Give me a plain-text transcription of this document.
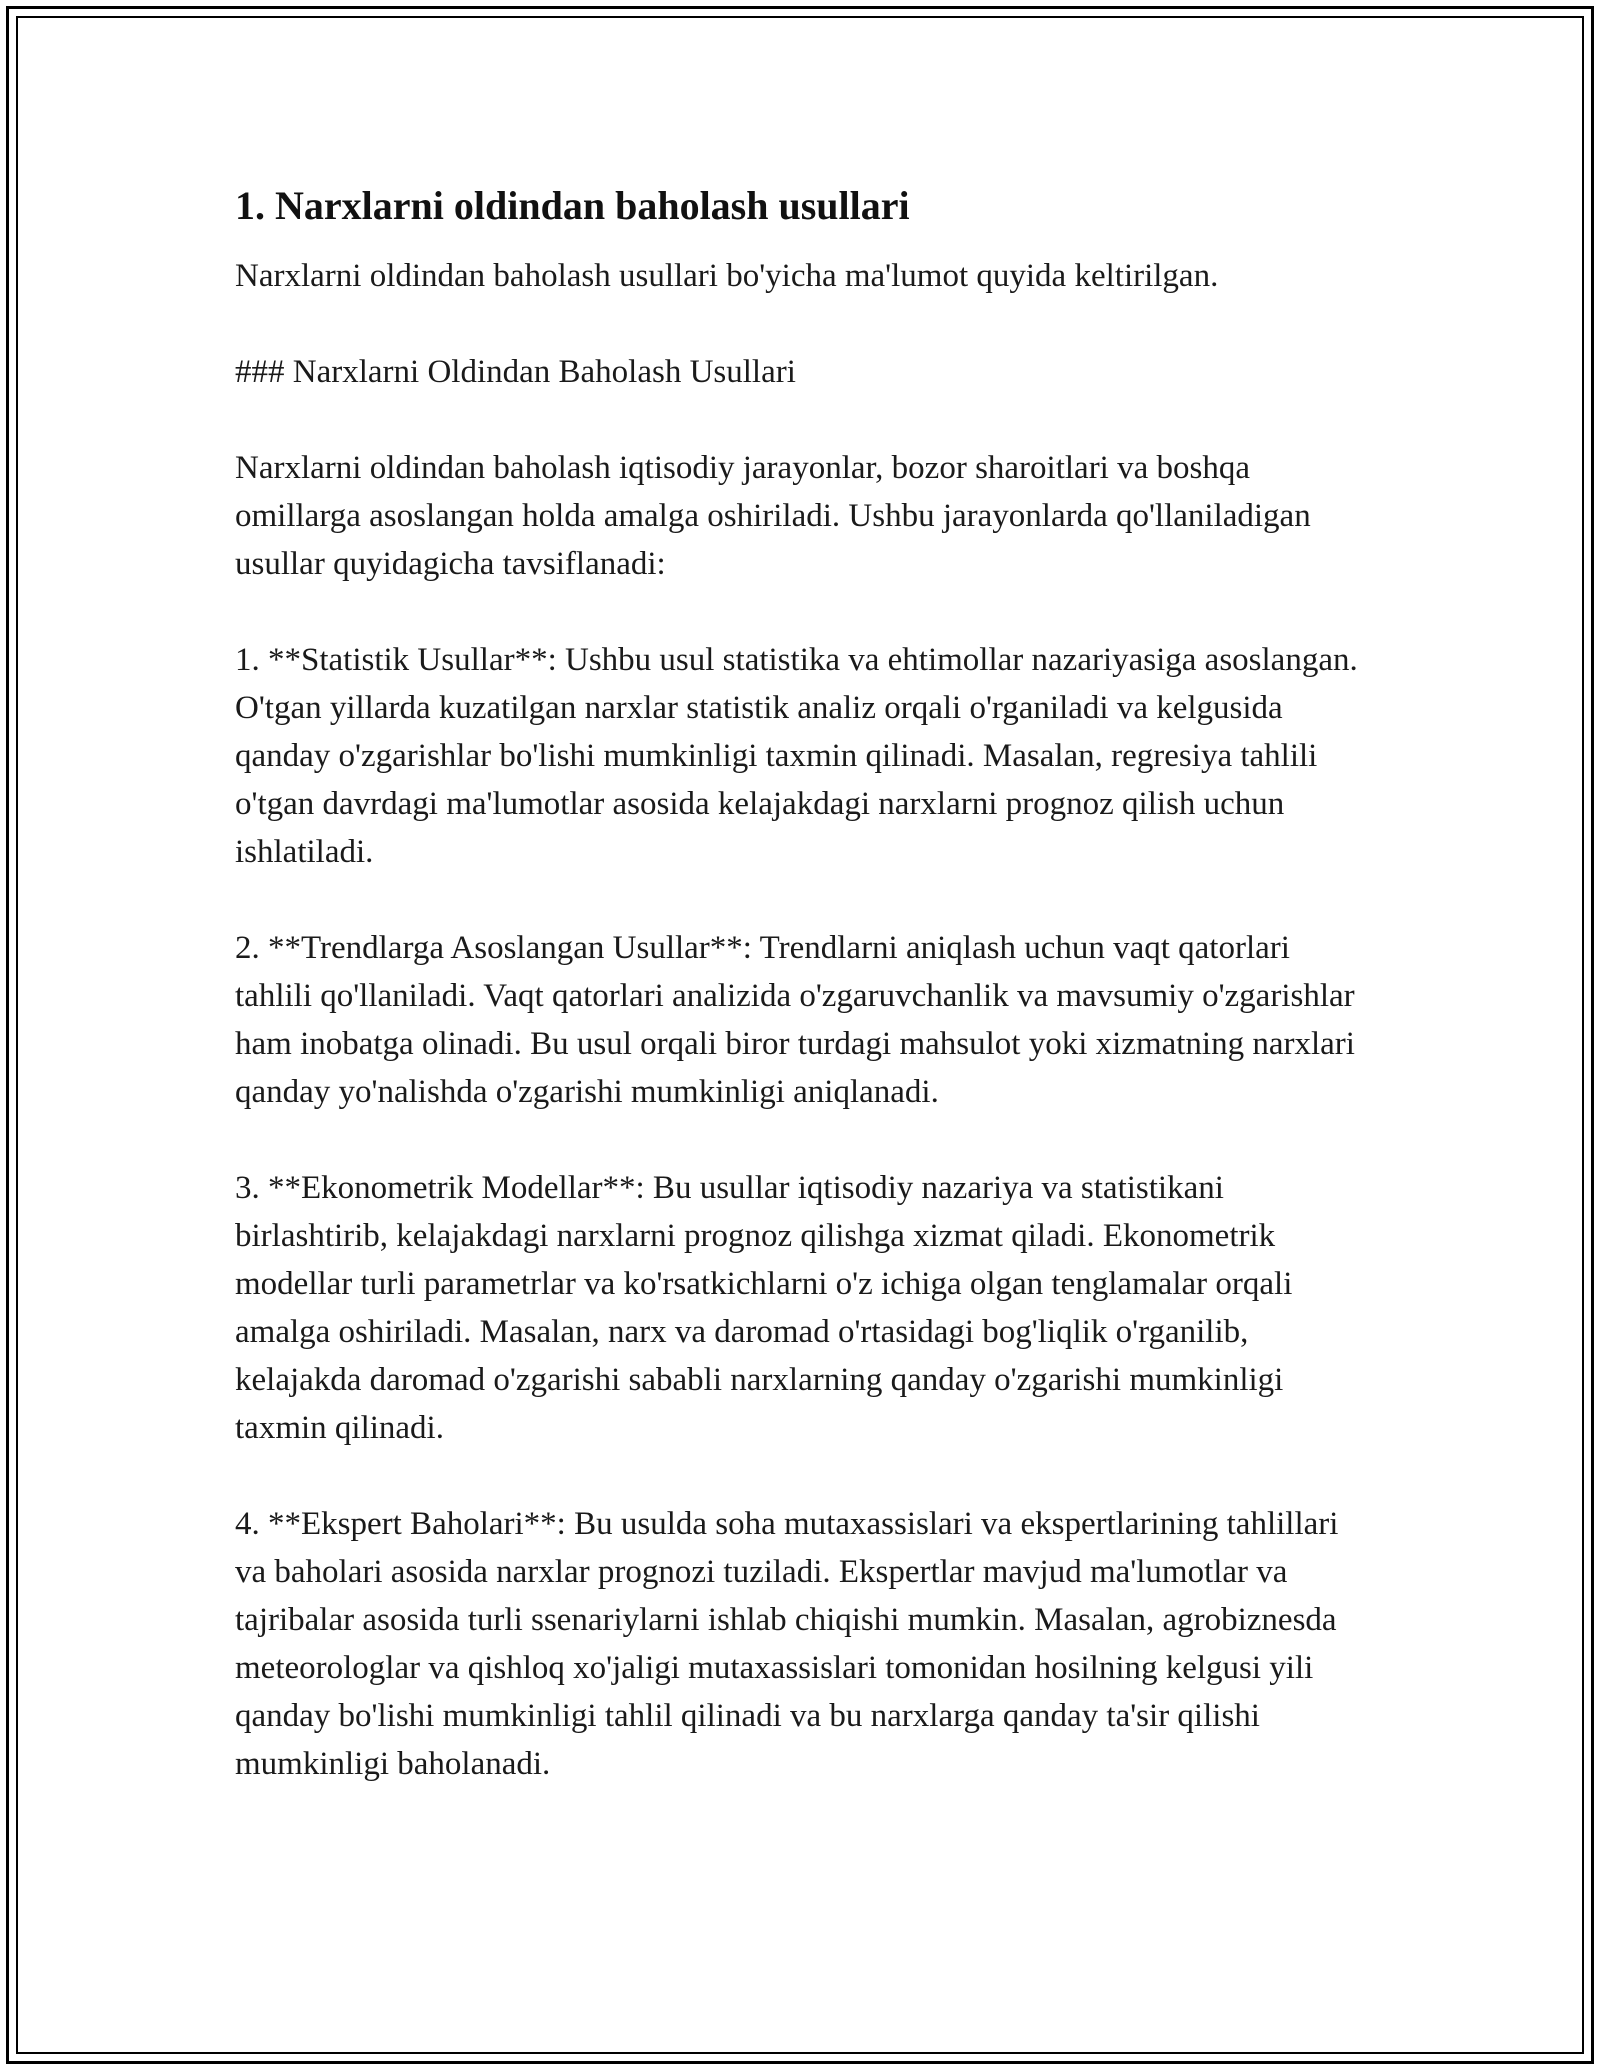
1. Narxlarni oldindan baholash usullari

Narxlarni oldindan baholash usullari bo'yicha ma'lumot quyida keltirilgan.

### Narxlarni Oldindan Baholash Usullari

Narxlarni oldindan baholash iqtisodiy jarayonlar, bozor sharoitlari va boshqa omillarga asoslangan holda amalga oshiriladi. Ushbu jarayonlarda qo'llaniladigan usullar quyidagicha tavsiflanadi:

1. **Statistik Usullar**: Ushbu usul statistika va ehtimollar nazariyasiga asoslangan. O'tgan yillarda kuzatilgan narxlar statistik analiz orqali o'rganiladi va kelgusida qanday o'zgarishlar bo'lishi mumkinligi taxmin qilinadi. Masalan, regresiya tahlili o'tgan davrdagi ma'lumotlar asosida kelajakdagi narxlarni prognoz qilish uchun ishlatiladi.

2. **Trendlarga Asoslangan Usullar**: Trendlarni aniqlash uchun vaqt qatorlari tahlili qo'llaniladi. Vaqt qatorlari analizida o'zgaruvchanlik va mavsumiy o'zgarishlar ham inobatga olinadi. Bu usul orqali biror turdagi mahsulot yoki xizmatning narxlari qanday yo'nalishda o'zgarishi mumkinligi aniqlanadi.

3. **Ekonometrik Modellar**: Bu usullar iqtisodiy nazariya va statistikani birlashtirib, kelajakdagi narxlarni prognoz qilishga xizmat qiladi. Ekonometrik modellar turli parametrlar va ko'rsatkichlarni o'z ichiga olgan tenglamalar orqali amalga oshiriladi. Masalan, narx va daromad o'rtasidagi bog'liqlik o'rganilib, kelajakda daromad o'zgarishi sababli narxlarning qanday o'zgarishi mumkinligi taxmin qilinadi.

4. **Ekspert Baholari**: Bu usulda soha mutaxassislari va ekspertlarining tahlillari va baholari asosida narxlar prognozi tuziladi. Ekspertlar mavjud ma'lumotlar va tajribalar asosida turli ssenariylarni ishlab chiqishi mumkin. Masalan, agrobiznesda meteorologlar va qishloq xo'jaligi mutaxassislari tomonidan hosilning kelgusi yili qanday bo'lishi mumkinligi tahlil qilinadi va bu narxlarga qanday ta'sir qilishi mumkinligi baholanadi.
